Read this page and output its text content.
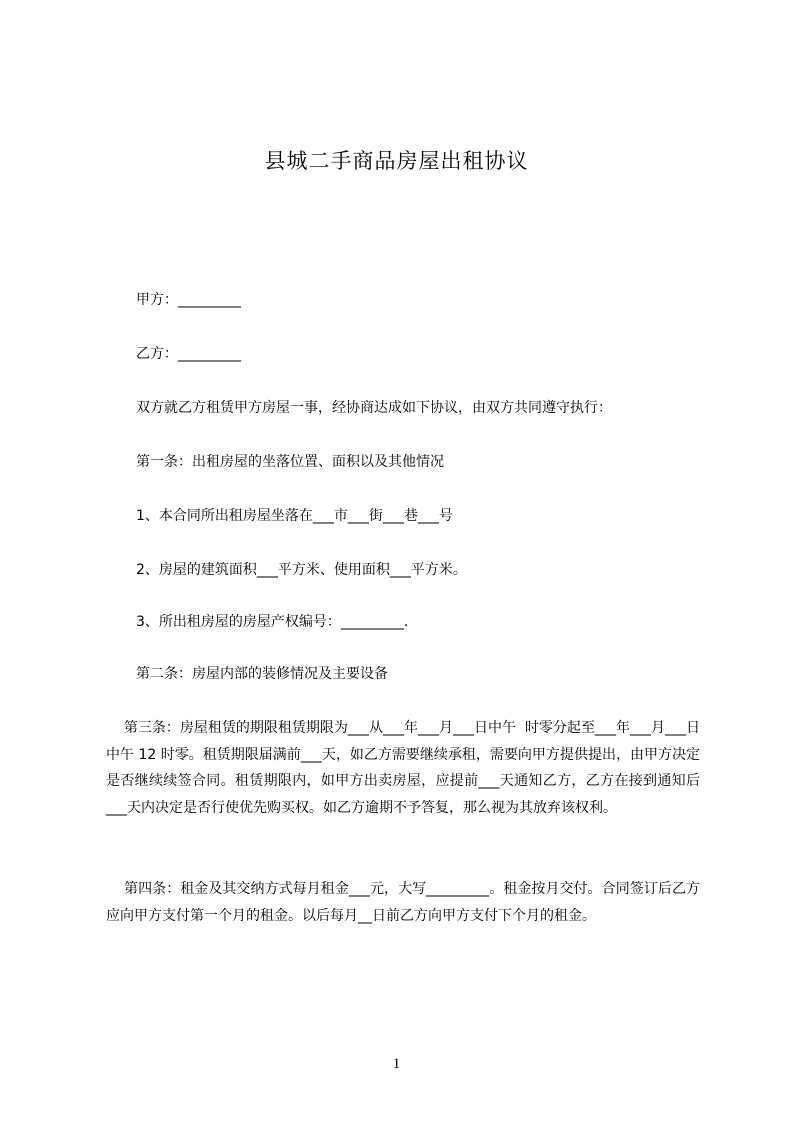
县城二手商品房屋出租协议

甲方：_________

乙方：_________

双方就乙方租赁甲方房屋一事，经协商达成如下协议，由双方共同遵守执行：

第一条：出租房屋的坐落位置、面积以及其他情况

1、本合同所出租房屋坐落在___市___街___巷___号

2、房屋的建筑面积___平方米、使用面积___平方米。

3、所出租房屋的房屋产权编号：_________.

第二条：房屋内部的装修情况及主要设备

第三条：房屋租赁的期限租赁期限为___从___年___月___日中午  时零分起至___年___月___日中午 12 时零。租赁期限届满前___天，如乙方需要继续承租，需要向甲方提供提出，由甲方决定是否继续续签合同。租赁期限内，如甲方出卖房屋，应提前___天通知乙方，乙方在接到通知后___天内决定是否行使优先购买权。如乙方逾期不予答复，那么视为其放弃该权利。

第四条：租金及其交纳方式每月租金___元，大写_________。租金按月交付。合同签订后乙方应向甲方支付第一个月的租金。以后每月__日前乙方向甲方支付下个月的租金。

1
